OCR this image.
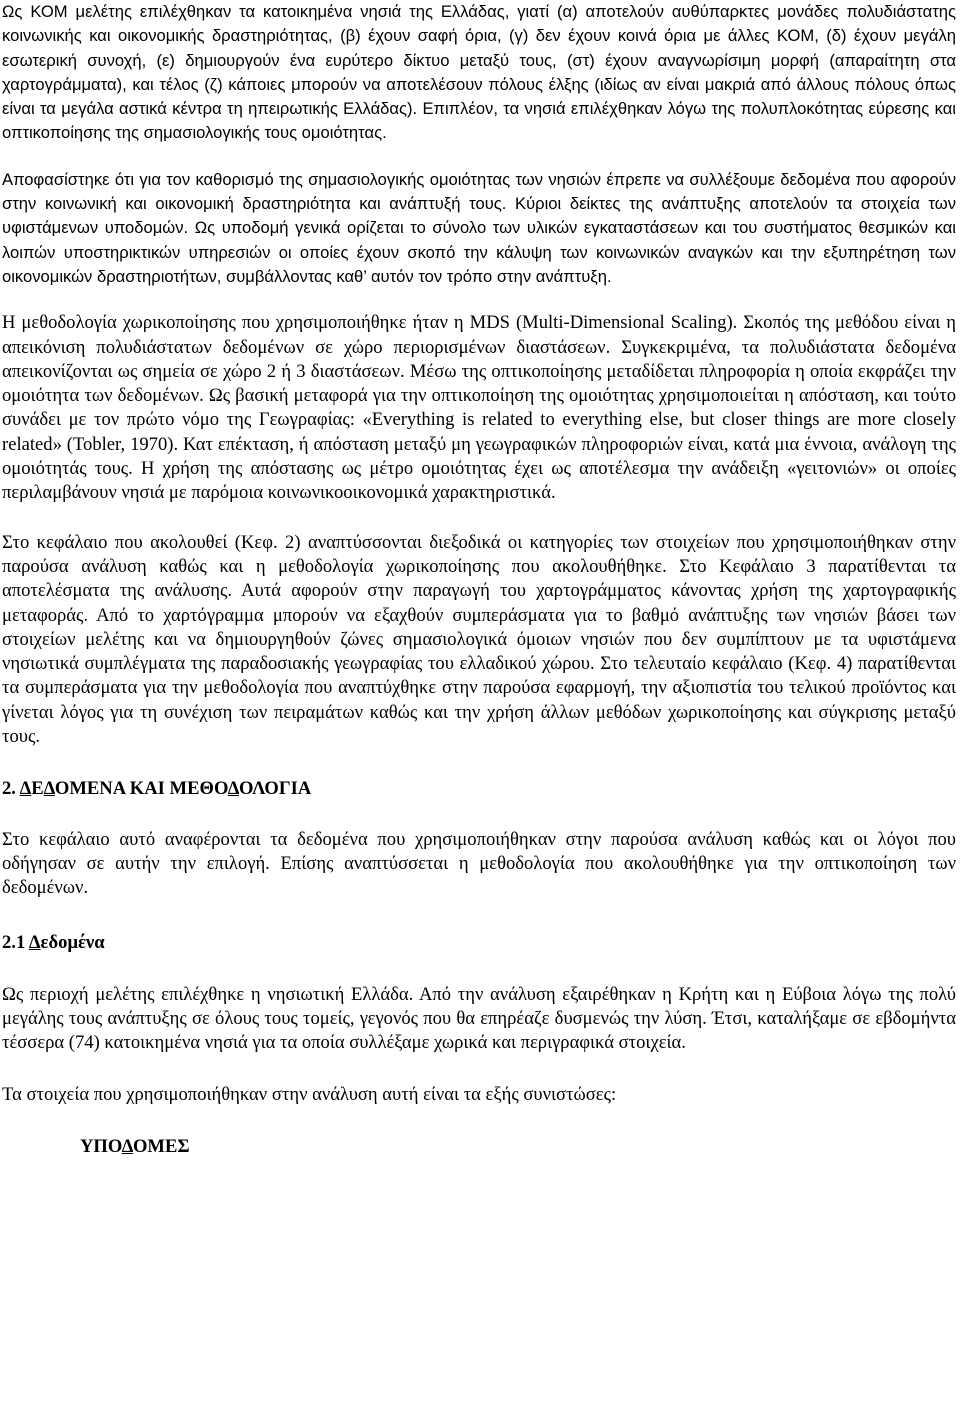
Ως ΚΟΜ μελέτης επιλέχθηκαν τα κατοικημένα νησιά της Ελλάδας, γιατί (α) αποτελούν αυθύπαρκτες μονάδες πολυδιάστατης κοινωνικής και οικονομικής δραστηριότητας, (β) έχουν σαφή όρια, (γ) δεν έχουν κοινά όρια με άλλες ΚΟΜ, (δ) έχουν μεγάλη εσωτερική συνοχή, (ε) δημιουργούν ένα ευρύτερο δίκτυο μεταξύ τους, (στ) έχουν αναγνωρίσιμη μορφή (απαραίτητη στα χαρτογράμματα), και τέλος (ζ) κάποιες μπορούν να αποτελέσουν πόλους έλξης (ιδίως αν είναι μακριά από άλλους πόλους όπως είναι τα μεγάλα αστικά κέντρα τη ηπειρωτικής Ελλάδας). Επιπλέον, τα νησιά επιλέχθηκαν λόγω της πολυπλοκότητας εύρεσης και οπτικοποίησης της σημασιολογικής τους ομοιότητας.

Αποφασίστηκε ότι για τον καθορισμό της σημασιολογικής ομοιότητας των νησιών έπρεπε να συλλέξουμε δεδομένα που αφορούν στην κοινωνική και οικονομική δραστηριότητα και ανάπτυξή τους. Κύριοι δείκτες της ανάπτυξης αποτελούν τα στοιχεία των υφιστάμενων υποδομών. Ως υποδομή γενικά ορίζεται το σύνολο των υλικών εγκαταστάσεων και του συστήματος θεσμικών και λοιπών υποστηρικτικών υπηρεσιών οι οποίες έχουν σκοπό την κάλυψη των κοινωνικών αναγκών και την εξυπηρέτηση των οικονομικών δραστηριοτήτων, συμβάλλοντας καθ’ αυτόν τον τρόπο στην ανάπτυξη.

Η μεθοδολογία χωρικοποίησης που χρησιμοποιήθηκε ήταν η MDS (Multi-Dimensional Scaling). Σκοπός της μεθόδου είναι η απεικόνιση πολυδιάστατων δεδομένων σε χώρο περιορισμένων διαστάσεων. Συγκεκριμένα, τα πολυδιάστατα δεδομένα απεικονίζονται ως σημεία σε χώρο 2 ή 3 διαστάσεων. Μέσω της οπτικοποίησης μεταδίδεται πληροφορία η οποία εκφράζει την ομοιότητα των δεδομένων. Ως βασική μεταφορά για την οπτικοποίηση της ομοιότητας χρησιμοποιείται η απόσταση, και τούτο συνάδει με τον πρώτο νόμο της Γεωγραφίας: «Everything is related to everything else, but closer things are more closely related» (Tobler, 1970). Κατ επέκταση, ή απόσταση μεταξύ μη γεωγραφικών πληροφοριών είναι, κατά μια έννοια, ανάλογη της ομοιότητάς τους. Η χρήση της απόστασης ως μέτρο ομοιότητας έχει ως αποτέλεσμα την ανάδειξη «γειτονιών» οι οποίες περιλαμβάνουν νησιά με παρόμοια κοινωνικοοικονομικά χαρακτηριστικά.

Στο κεφάλαιο που ακολουθεί (Κεφ. 2) αναπτύσσονται διεξοδικά οι κατηγορίες των στοιχείων που χρησιμοποιήθηκαν στην παρούσα ανάλυση καθώς και η μεθοδολογία χωρικοποίησης που ακολουθήθηκε. Στο Κεφάλαιο 3 παρατίθενται τα αποτελέσματα της ανάλυσης. Αυτά αφορούν στην παραγωγή του χαρτογράμματος κάνοντας χρήση της χαρτογραφικής μεταφοράς. Από το χαρτόγραμμα μπορούν να εξαχθούν συμπεράσματα για το βαθμό ανάπτυξης των νησιών βάσει των στοιχείων μελέτης και να δημιουργηθούν ζώνες σημασιολογικά όμοιων νησιών που δεν συμπίπτουν με τα υφιστάμενα νησιωτικά συμπλέγματα της παραδοσιακής γεωγραφίας του ελλαδικού χώρου. Στο τελευταίο κεφάλαιο (Κεφ. 4) παρατίθενται τα συμπεράσματα για την μεθοδολογία που αναπτύχθηκε στην παρούσα εφαρμογή, την αξιοπιστία του τελικού προϊόντος και γίνεται λόγος για τη συνέχιση των πειραμάτων καθώς και την χρήση άλλων μεθόδων χωρικοποίησης και σύγκρισης μεταξύ τους.

2. ΔΕΔΟΜΕΝΑ ΚΑΙ ΜΕΘΟΔΟΛΟΓΙΑ

Στο κεφάλαιο αυτό αναφέρονται τα δεδομένα που χρησιμοποιήθηκαν στην παρούσα ανάλυση καθώς και οι λόγοι που οδήγησαν σε αυτήν την επιλογή. Επίσης αναπτύσσεται η μεθοδολογία που ακολουθήθηκε για την οπτικοποίηση των δεδομένων.

2.1 Δεδομένα

Ως περιοχή μελέτης επιλέχθηκε η νησιωτική Ελλάδα. Από την ανάλυση εξαιρέθηκαν η Κρήτη και η Εύβοια λόγω της πολύ μεγάλης τους ανάπτυξης σε όλους τους τομείς, γεγονός που θα επηρέαζε δυσμενώς την λύση. Έτσι, καταλήξαμε σε εβδομήντα τέσσερα (74) κατοικημένα νησιά για τα οποία συλλέξαμε χωρικά και περιγραφικά στοιχεία.

Τα στοιχεία που χρησιμοποιήθηκαν στην ανάλυση αυτή είναι τα εξής συνιστώσες:

ΥΠΟΔΟΜΕΣ
